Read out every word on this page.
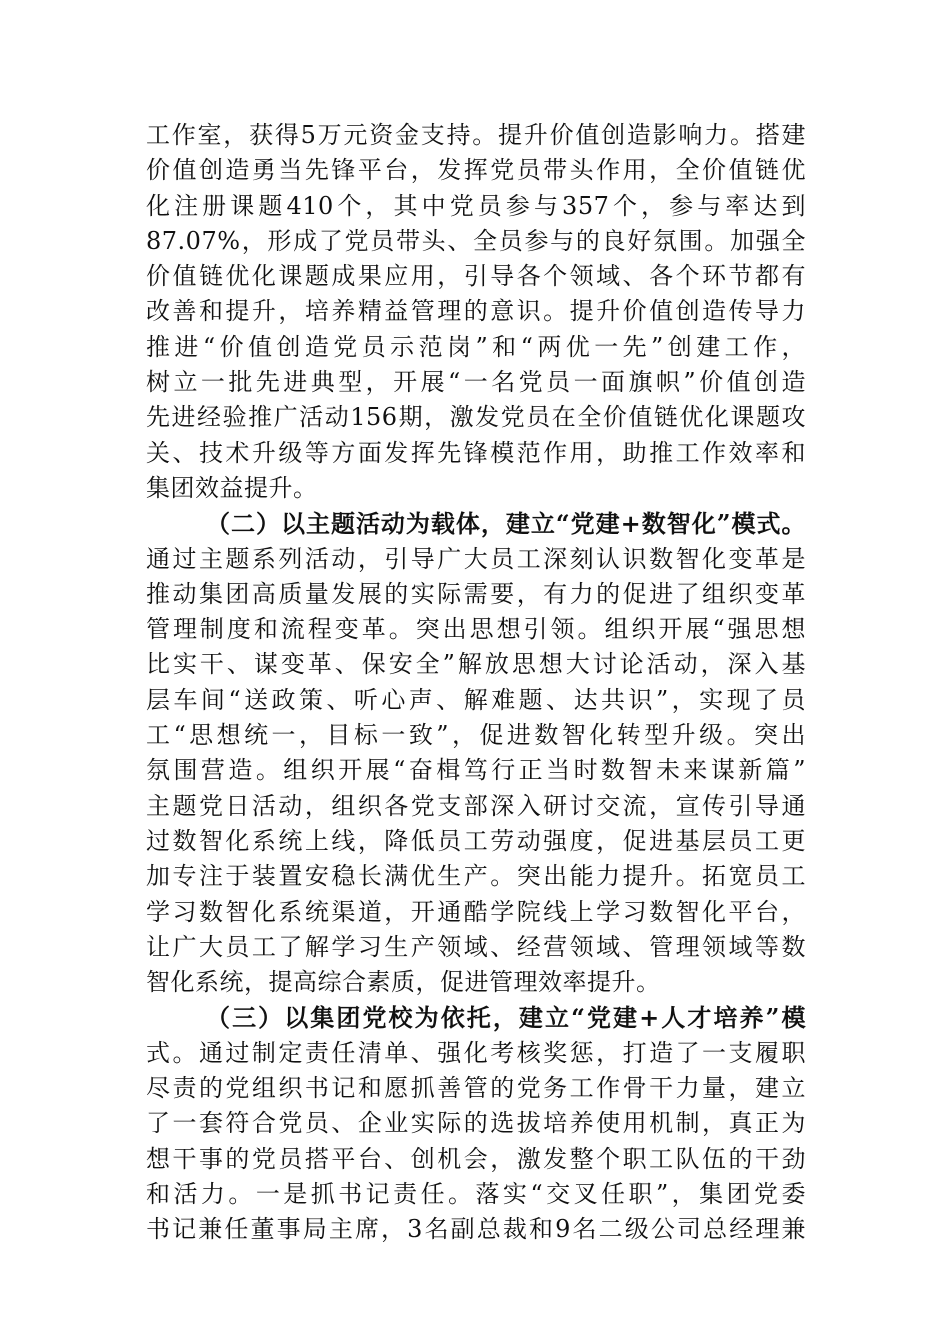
工作室，获得5万元资金支持。提升价值创造影响力。搭建
价值创造勇当先锋平台，发挥党员带头作用，全价值链优
化注册课题410个，其中党员参与357个，参与率达到
87.07%，形成了党员带头、全员参与的良好氛围。加强全
价值链优化课题成果应用，引导各个领域、各个环节都有
改善和提升，培养精益管理的意识。提升价值创造传导力
推进“价值创造党员示范岗”和“两优一先”创建工作，
树立一批先进典型，开展“一名党员一面旗帜”价值创造
先进经验推广活动156期，激发党员在全价值链优化课题攻
关、技术升级等方面发挥先锋模范作用，助推工作效率和
集团效益提升。
（二）以主题活动为载体，建立“党建+数智化”模式。
通过主题系列活动，引导广大员工深刻认识数智化变革是
推动集团高质量发展的实际需要，有力的促进了组织变革
管理制度和流程变革。突出思想引领。组织开展“强思想
比实干、谋变革、保安全”解放思想大讨论活动，深入基
层车间“送政策、听心声、解难题、达共识”，实现了员
工“思想统一，目标一致”，促进数智化转型升级。突出
氛围营造。组织开展“奋楫笃行正当时数智未来谋新篇”
主题党日活动，组织各党支部深入研讨交流，宣传引导通
过数智化系统上线，降低员工劳动强度，促进基层员工更
加专注于装置安稳长满优生产。突出能力提升。拓宽员工
学习数智化系统渠道，开通酷学院线上学习数智化平台，
让广大员工了解学习生产领域、经营领域、管理领域等数
智化系统，提高综合素质，促进管理效率提升。
（三）以集团党校为依托，建立“党建+人才培养”模
式。通过制定责任清单、强化考核奖惩，打造了一支履职
尽责的党组织书记和愿抓善管的党务工作骨干力量，建立
了一套符合党员、企业实际的选拔培养使用机制，真正为
想干事的党员搭平台、创机会，激发整个职工队伍的干劲
和活力。一是抓书记责任。落实“交叉任职”，集团党委
书记兼任董事局主席，3名副总裁和9名二级公司总经理兼
